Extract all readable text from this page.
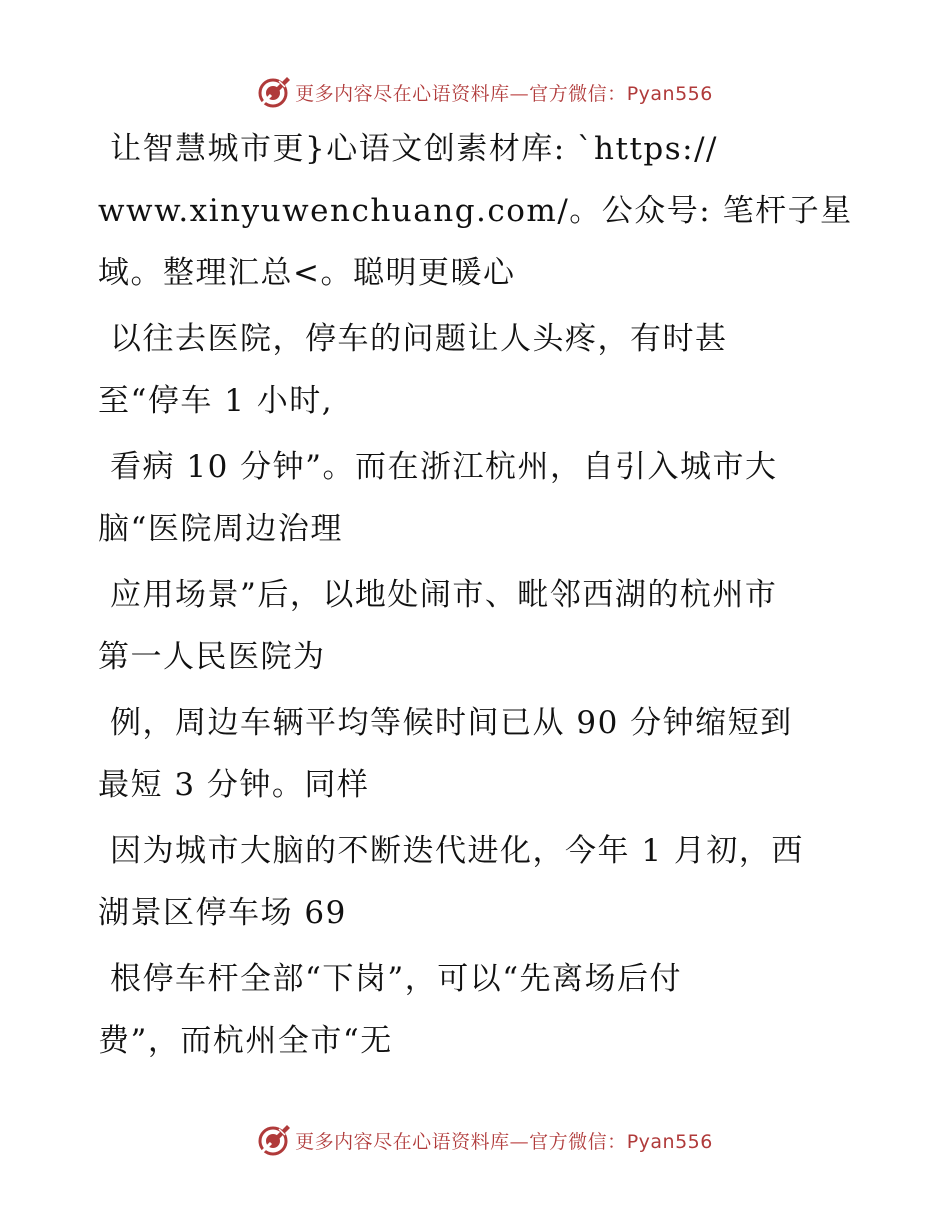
更多内容尽在心语资料库—官方微信：Pyan556
让智慧城市更}心语文创素材库: `https://
www.xinyuwenchuang.com/。公众号: 笔杆子星
域。整理汇总<。聪明更暖心
以往去医院，停车的问题让人头疼，有时甚
至“停车 1 小时,
看病 10 分钟”。而在浙江杭州，自引入城市大
脑“医院周边治理
应用场景”后，以地处闹市、毗邻西湖的杭州市
第一人民医院为
例，周边车辆平均等候时间已从 90 分钟缩短到
最短 3 分钟。同样
因为城市大脑的不断迭代进化，今年 1 月初，西
湖景区停车场 69
根停车杆全部“下岗”，可以“先离场后付
费”，而杭州全市“无
更多内容尽在心语资料库—官方微信：Pyan556
